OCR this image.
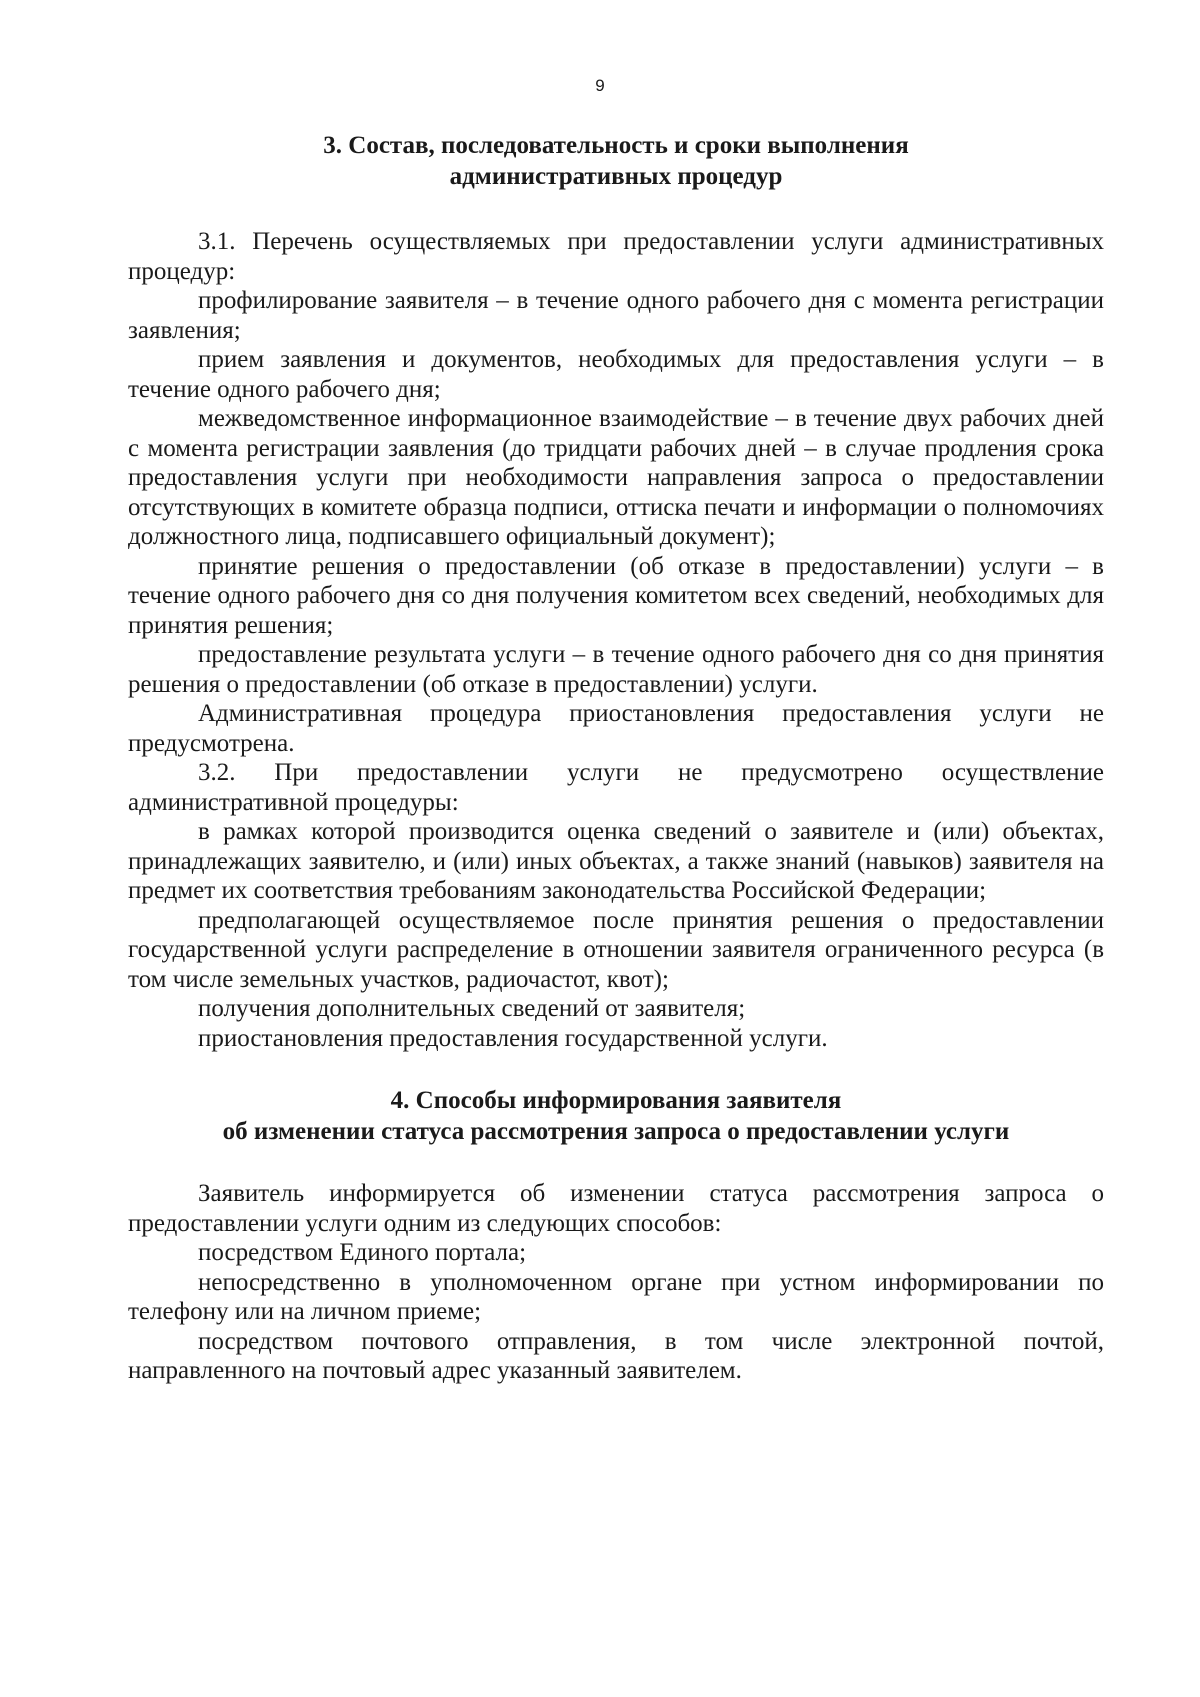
9
3. Состав, последовательность и сроки выполнения
административных процедур

3.1. Перечень осуществляемых при предоставлении услуги административных процедур:

профилирование заявителя – в течение одного рабочего дня с момента регистрации заявления;

прием заявления и документов, необходимых для предоставления услуги – в течение одного рабочего дня;

межведомственное информационное взаимодействие – в течение двух рабочих дней с момента регистрации заявления (до тридцати рабочих дней – в случае продления срока предоставления услуги при необходимости направления запроса о предоставлении отсутствующих в комитете образца подписи, оттиска печати и информации о полномочиях должностного лица, подписавшего официальный документ);

принятие решения о предоставлении (об отказе в предоставлении) услуги – в течение одного рабочего дня со дня получения комитетом всех сведений, необходимых для принятия решения;

предоставление результата услуги – в течение одного рабочего дня со дня принятия решения о предоставлении (об отказе в предоставлении) услуги.

Административная процедура приостановления предоставления услуги не предусмотрена.

3.2. При предоставлении услуги не предусмотрено осуществление административной процедуры:

в рамках которой производится оценка сведений о заявителе и (или) объектах, принадлежащих заявителю, и (или) иных объектах, а также знаний (навыков) заявителя на предмет их соответствия требованиям законодательства Российской Федерации;

предполагающей осуществляемое после принятия решения о предоставлении государственной услуги распределение в отношении заявителя ограниченного ресурса (в том числе земельных участков, радиочастот, квот);

получения дополнительных сведений от заявителя;

приостановления предоставления государственной услуги.

4. Способы информирования заявителя
об изменении статуса рассмотрения запроса о предоставлении услуги

Заявитель информируется об изменении статуса рассмотрения запроса о предоставлении услуги одним из следующих способов:

посредством Единого портала;

непосредственно в уполномоченном органе при устном информировании по телефону или на личном приеме;

посредством почтового отправления, в том числе электронной почтой, направленного на почтовый адрес указанный заявителем.
